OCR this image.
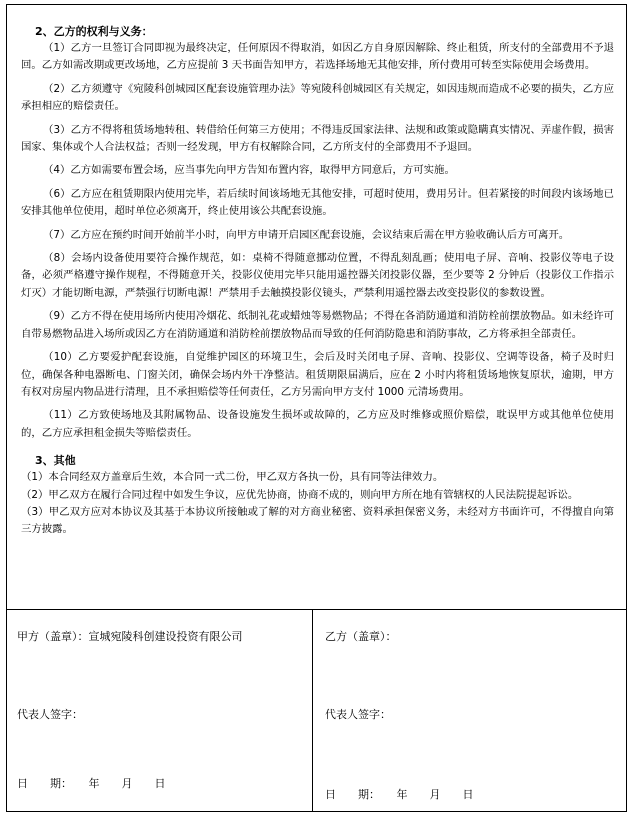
2、乙方的权利与义务：

（1）乙方一旦签订合同即视为最终决定，任何原因不得取消，如因乙方自身原因解除、终止租赁，所支付的全部费用不予退回。乙方如需改期或更改场地，乙方应提前 3 天书面告知甲方，若选择场地无其他安排，所付费用可转至实际使用会场费用。

（2）乙方须遵守《宛陵科创城园区配套设施管理办法》等宛陵科创城园区有关规定，如因违规而造成不必要的损失，乙方应承担相应的赔偿责任。

（3）乙方不得将租赁场地转租、转借给任何第三方使用；不得违反国家法律、法规和政策或隐瞒真实情况、弄虚作假，损害国家、集体或个人合法权益；否则一经发现，甲方有权解除合同，乙方所支付的全部费用不予退回。

（4）乙方如需要布置会场，应当事先向甲方告知布置内容，取得甲方同意后，方可实施。

（6）乙方应在租赁期限内使用完毕，若后续时间该场地无其他安排，可超时使用，费用另计。但若紧接的时间段内该场地已安排其他单位使用，超时单位必须离开，终止使用该公共配套设施。

（7）乙方应在预约时间开始前半小时，向甲方申请开启园区配套设施，会议结束后需在甲方验收确认后方可离开。

（8）会场内设备使用要符合操作规范，如：桌椅不得随意挪动位置，不得乱刻乱画；使用电子屏、音响、投影仪等电子设备，必须严格遵守操作规程，不得随意开关，投影仪使用完毕只能用遥控器关闭投影仪器，至少要等 2 分钟后（投影仪工作指示灯灭）才能切断电源，严禁强行切断电源！严禁用手去触摸投影仪镜头，严禁利用遥控器去改变投影仪的参数设置。

（9）乙方不得在使用场所内使用冷烟花、纸制礼花或蜡烛等易燃物品；不得在各消防通道和消防栓前摆放物品。如未经许可自带易燃物品进入场所或因乙方在消防通道和消防栓前摆放物品而导致的任何消防隐患和消防事故，乙方将承担全部责任。

（10）乙方要爱护配套设施，自觉维护园区的环境卫生，会后及时关闭电子屏、音响、投影仪、空调等设备，椅子及时归位，确保各种电器断电、门窗关闭，确保会场内外干净整洁。租赁期限届满后，应在 2 小时内将租赁场地恢复原状，逾期，甲方有权对房屋内物品进行清理，且不承担赔偿等任何责任，乙方另需向甲方支付 1000 元清场费用。

（11）乙方致使场地及其附属物品、设备设施发生损坏或故障的，乙方应及时维修或照价赔偿，耽误甲方或其他单位使用的，乙方应承担租金损失等赔偿责任。

3、其他

（1）本合同经双方盖章后生效，本合同一式二份，甲乙双方各执一份，具有同等法律效力。

（2）甲乙双方在履行合同过程中如发生争议，应优先协商，协商不成的，则向甲方所在地有管辖权的人民法院提起诉讼。

（3）甲乙双方应对本协议及其基于本协议所接触或了解的对方商业秘密、资料承担保密义务，未经对方书面许可，不得擅自向第三方披露。

甲方（盖章）：宣城宛陵科创建设投资有限公司
代表人签字：
日　　期：　　年　　月　　日
乙方（盖章）：
代表人签字：
日　　期：　　年　　月　　日
